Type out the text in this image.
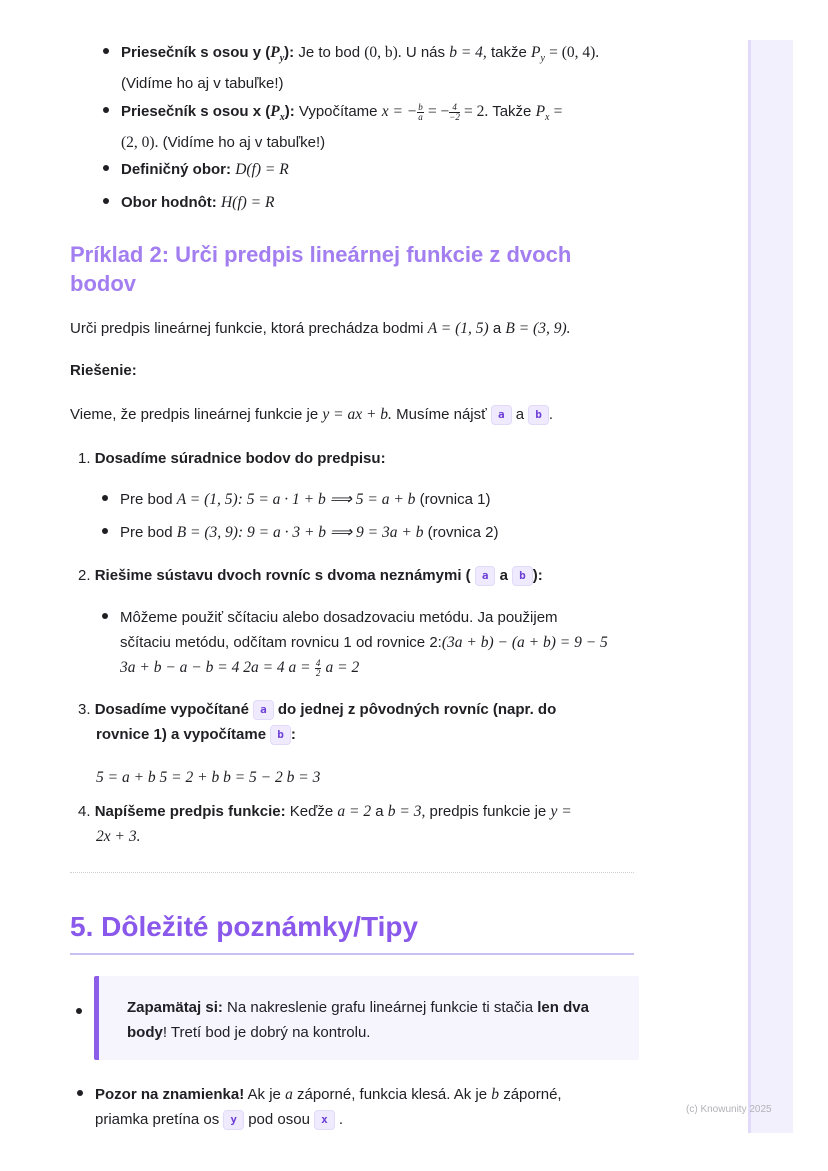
(c) Knowunity 2025
Priesečník s osou y $(P_y)$: Je to bod (0, b). U nás b = 4, takže $P_y = (0$, 4).
(Vidíme ho aj v tabuľke!)
Priesečník s osou x $(P_x)$: Vypočítame x = − $\frac{b}{a}$ = − $\frac{4}{-2} = 2$. Takže $P_x$ =
(2, 0). (Vidíme ho aj v tabuľke!)
Definičný obor: D(f) = R
Obor hodnôt: H(f) = R
Príklad 2: Urči predpis lineárnej funkcie z dvoch
bodov
Urči predpis lineárnej funkcie, ktorá prechádza bodmi A = (1, 5) a B = (3, 9).
Riešenie:
Vieme, že predpis lineárnej funkcie je y = ax + b. Musíme nájsť a a b .
1. Dosadíme súradnice bodov do predpisu:
Pre bod A = (1, 5): 5 = a · 1 + b ⟹ 5 = a + b (rovnica 1)
Pre bod B = (3, 9): 9 = a · 3 + b ⟹ 9 = 3a + b (rovnica 2)
2. Riešime sústavu dvoch rovníc s dvoma neznámymi ( a a b ):
Môžeme použiť sčítaciu alebo dosadzovaciu metódu. Ja použijem
sčítaciu metódu, odčítam rovnicu 1 od rovnice 2:(3a + b) − (a + b) = 9 − 5
3a + b − a − b = 4 2a = 4 $a = \frac{4}{2}$ a = 2
3. Dosadíme vypočítané a do jednej z pôvodných rovníc (napr. do
rovnice 1) a vypočítame b :
5 = a + b 5 = 2 + b b = 5 − 2 b = 3
4. Napíšeme predpis funkcie: Keďže a = 2 a b = 3, predpis funkcie je y =
2x + 3.
5. Dôležité poznámky/Tipy
Zapamätaj si: Na nakreslenie grafu lineárnej funkcie ti stačia len dva body! Tretí bod je dobrý na kontrolu.
Pozor na znamienka! Ak je a záporné, funkcia klesá. Ak je b záporné,
priamka pretína os y pod osou x .
